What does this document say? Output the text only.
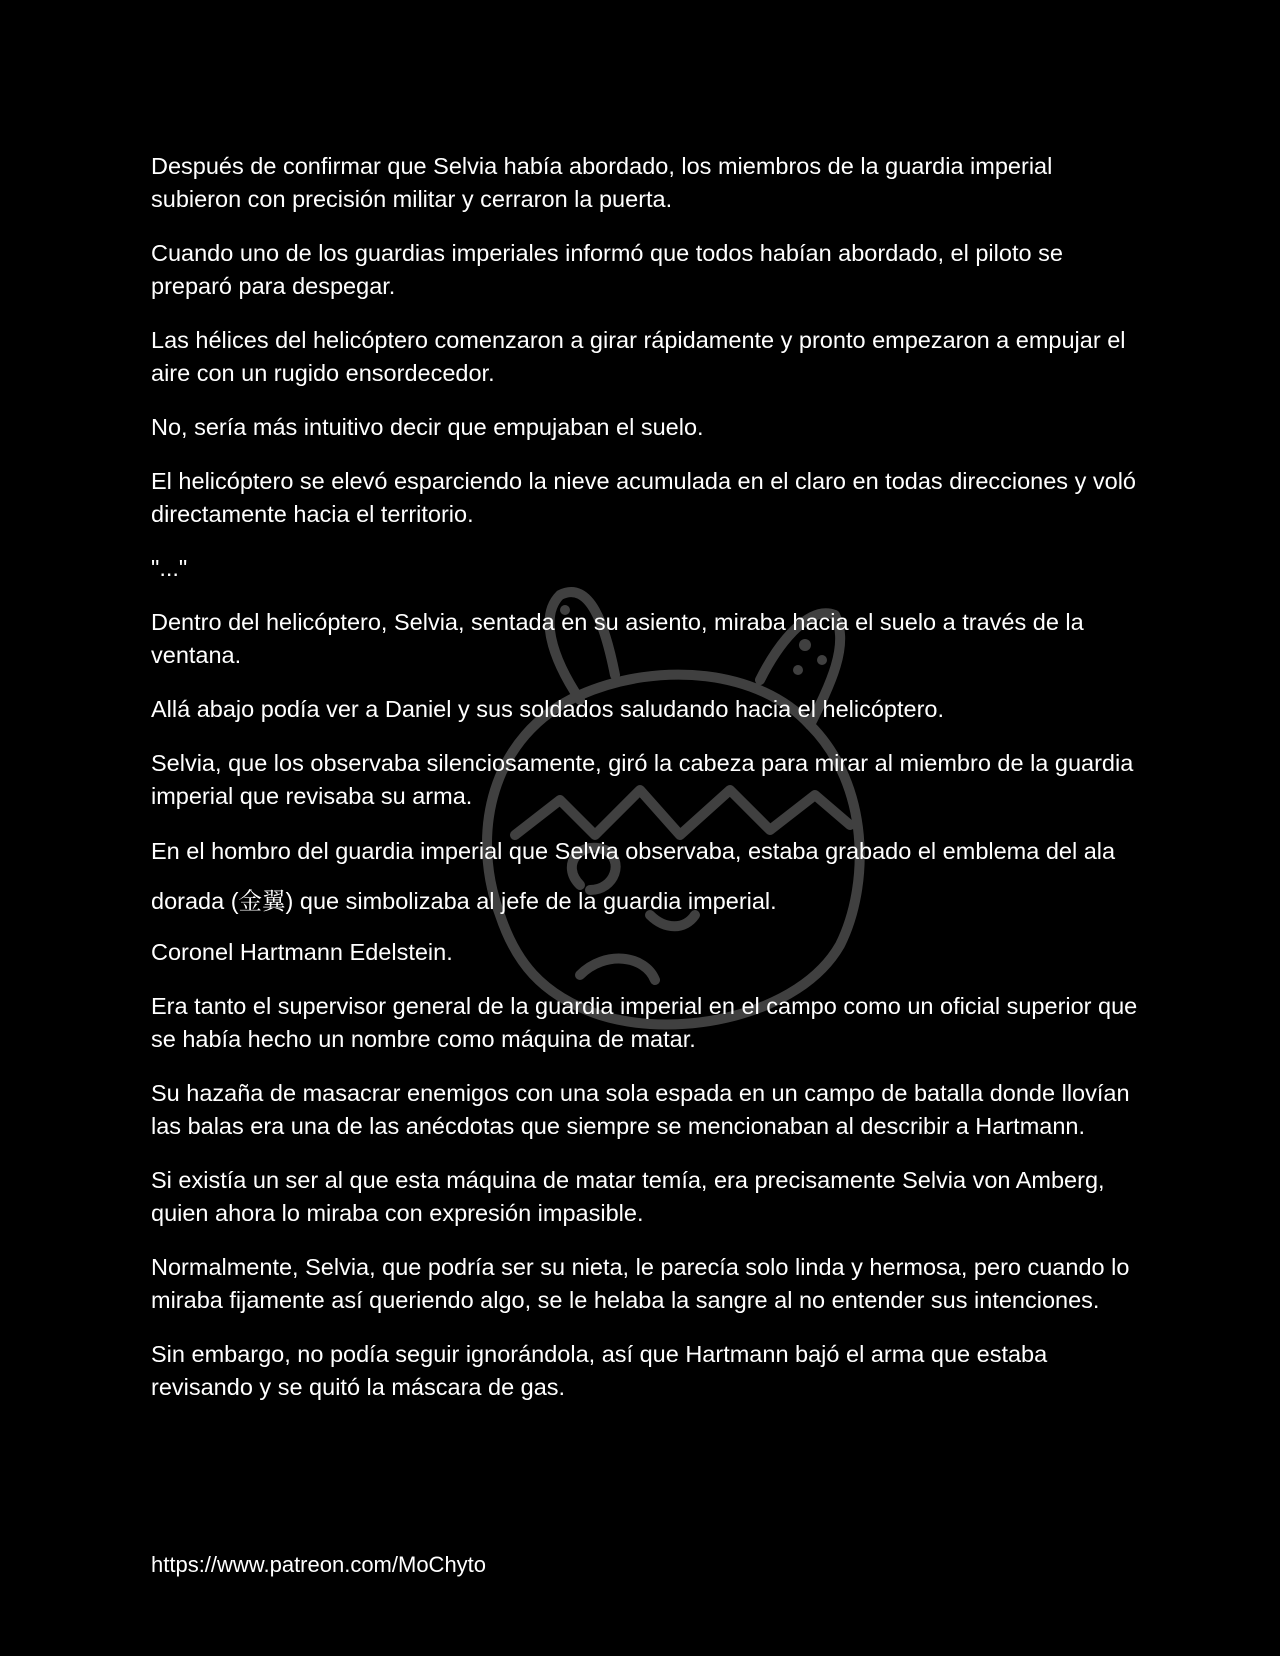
Después de confirmar que Selvia había abordado, los miembros de la guardia imperial subieron con precisión militar y cerraron la puerta.

Cuando uno de los guardias imperiales informó que todos habían abordado, el piloto se preparó para despegar.

Las hélices del helicóptero comenzaron a girar rápidamente y pronto empezaron a empujar el aire con un rugido ensordecedor.

No, sería más intuitivo decir que empujaban el suelo.

El helicóptero se elevó esparciendo la nieve acumulada en el claro en todas direcciones y voló directamente hacia el territorio.

"..."

Dentro del helicóptero, Selvia, sentada en su asiento, miraba hacia el suelo a través de la ventana.

Allá abajo podía ver a Daniel y sus soldados saludando hacia el helicóptero.

Selvia, que los observaba silenciosamente, giró la cabeza para mirar al miembro de la guardia imperial que revisaba su arma.

En el hombro del guardia imperial que Selvia observaba, estaba grabado el emblema del ala dorada (金翼) que simbolizaba al jefe de la guardia imperial.

Coronel Hartmann Edelstein.

Era tanto el supervisor general de la guardia imperial en el campo como un oficial superior que se había hecho un nombre como máquina de matar.

Su hazaña de masacrar enemigos con una sola espada en un campo de batalla donde llovían las balas era una de las anécdotas que siempre se mencionaban al describir a Hartmann.

Si existía un ser al que esta máquina de matar temía, era precisamente Selvia von Amberg, quien ahora lo miraba con expresión impasible.

Normalmente, Selvia, que podría ser su nieta, le parecía solo linda y hermosa, pero cuando lo miraba fijamente así queriendo algo, se le helaba la sangre al no entender sus intenciones.

Sin embargo, no podía seguir ignorándola, así que Hartmann bajó el arma que estaba revisando y se quitó la máscara de gas.

https://www.patreon.com/MoChyto
